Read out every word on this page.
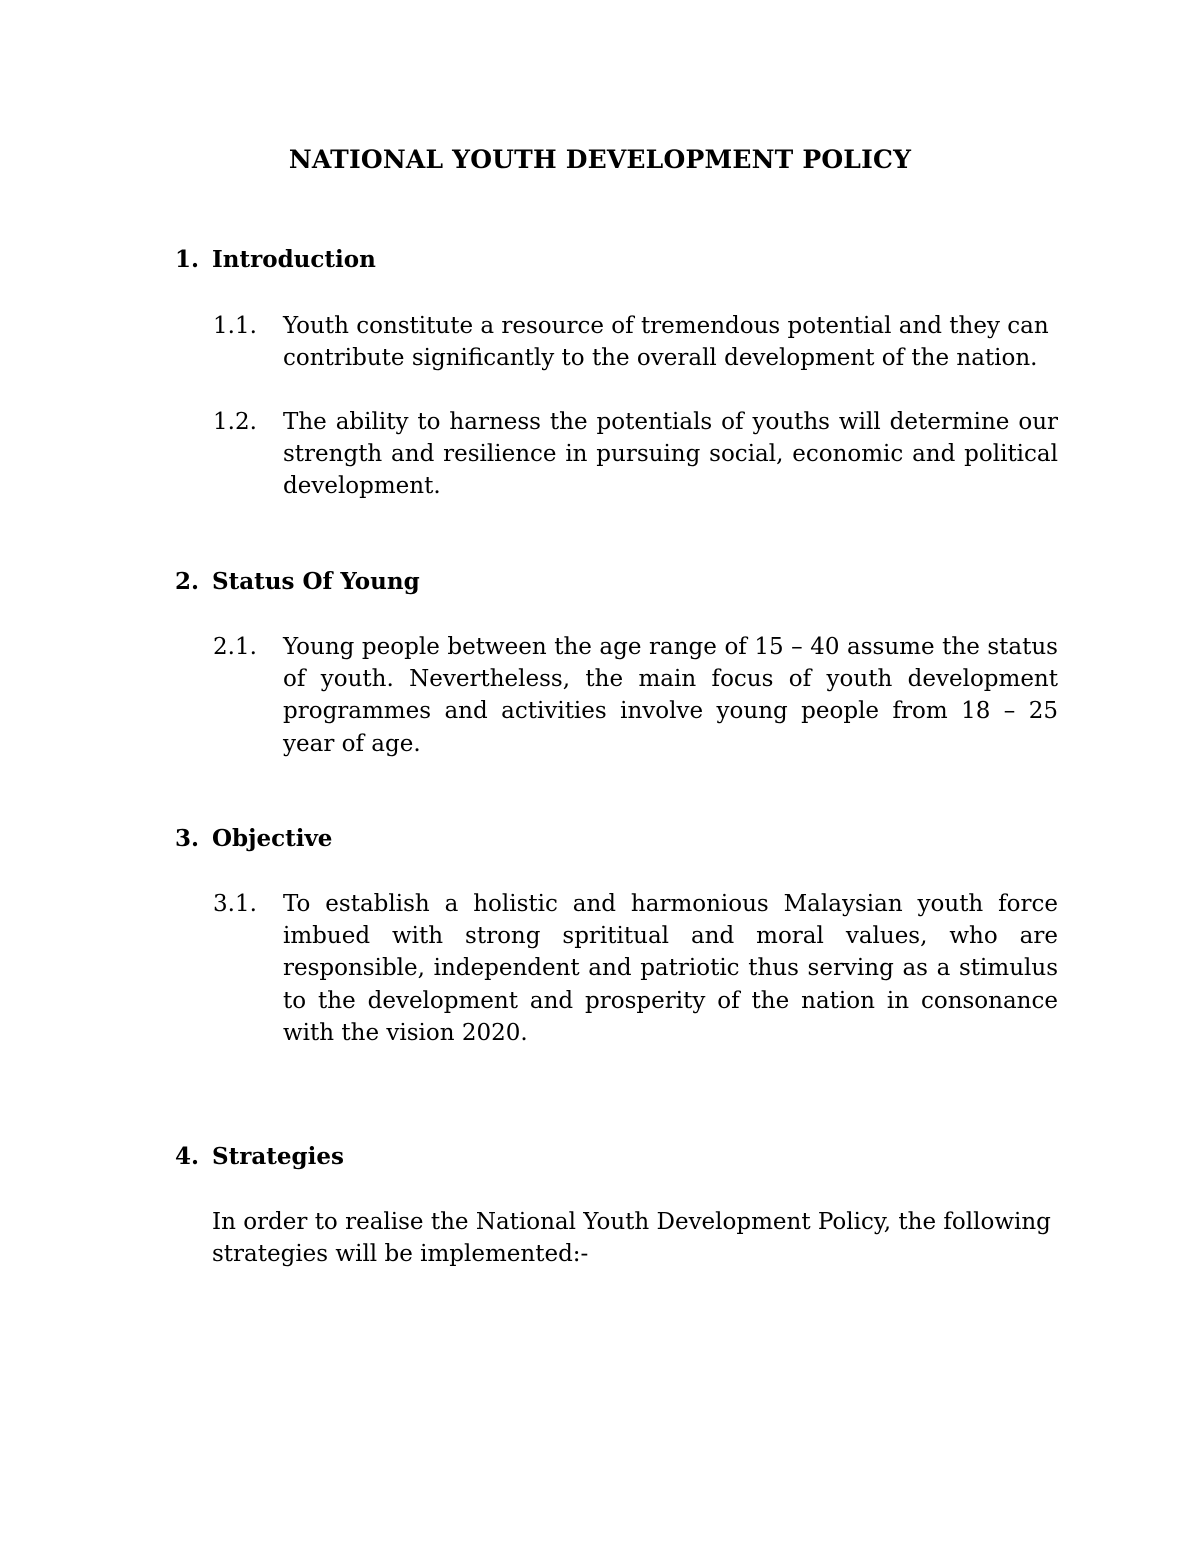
NATIONAL YOUTH DEVELOPMENT POLICY
1. Introduction
1.1. Youth constitute a resource of tremendous potential and they can contribute significantly to the overall development of the nation.
1.2. The ability to harness the potentials of youths will determine our strength and resilience in pursuing social, economic and political development.
2. Status Of Young
2.1. Young people between the age range of 15 – 40 assume the status of youth. Nevertheless, the main focus of youth development programmes and activities involve young people from 18 – 25 year of age.
3. Objective
3.1. To establish a holistic and harmonious Malaysian youth force imbued with strong sprititual and moral values, who are responsible, independent and patriotic thus serving as a stimulus to the development and prosperity of the nation in consonance with the vision 2020.
4. Strategies
In order to realise the National Youth Development Policy, the following strategies will be implemented:-
